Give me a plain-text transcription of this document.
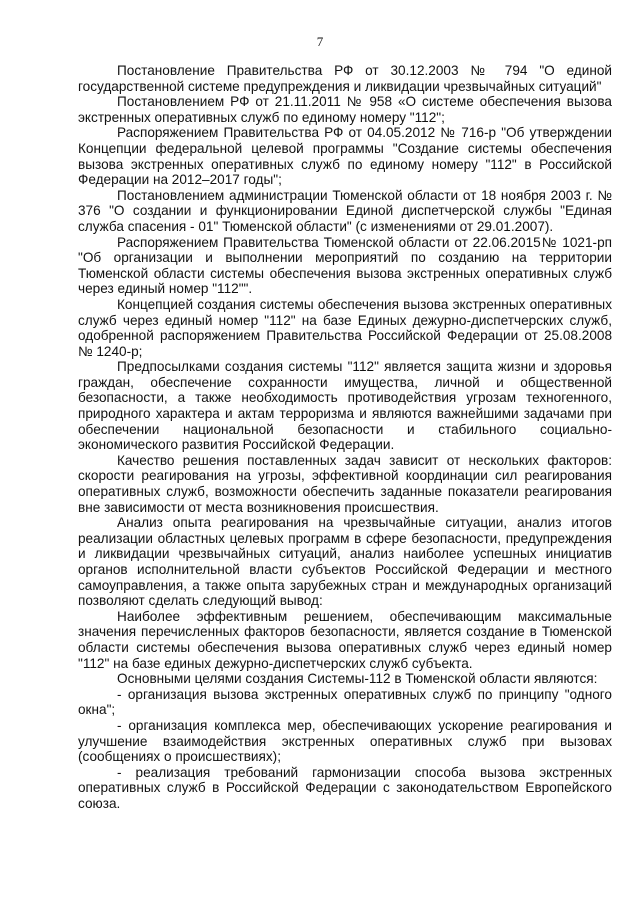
7

Постановление Правительства РФ от 30.12.2003 № 794 "О единой государственной системе предупреждения и ликвидации чрезвычайных ситуаций"

Постановлением РФ от 21.11.2011 № 958 «О системе обеспечения вызова экстренных оперативных служб по единому номеру "112";

Распоряжением Правительства РФ от 04.05.2012 № 716-р "Об утверждении Концепции федеральной целевой программы "Создание системы обеспечения вызова экстренных оперативных служб по единому номеру "112" в Российской Федерации на 2012–2017 годы";

Постановлением администрации Тюменской области от 18 ноября 2003 г. № 376 "О создании и функционировании Единой диспетчерской службы "Единая служба спасения - 01" Тюменской области" (с изменениями от 29.01.2007).

Распоряжением Правительства Тюменской области от 22.06.2015№ 1021-рп "Об организации и выполнении мероприятий по созданию на территории Тюменской области системы обеспечения вызова экстренных оперативных служб через единый номер "112"".

Концепцией создания системы обеспечения вызова экстренных оперативных служб через единый номер "112" на базе Единых дежурно-диспетчерских служб, одобренной распоряжением Правительства Российской Федерации от 25.08.2008 № 1240-р;

Предпосылками создания системы "112" является защита жизни и здоровья граждан, обеспечение сохранности имущества, личной и общественной безопасности, а также необходимость противодействия угрозам техногенного, природного характера и актам терроризма и являются важнейшими задачами при обеспечении национальной безопасности и стабильного социально-экономического развития Российской Федерации.

Качество решения поставленных задач зависит от нескольких факторов: скорости реагирования на угрозы, эффективной координации сил реагирования оперативных служб, возможности обеспечить заданные показатели реагирования вне зависимости от места возникновения происшествия.

Анализ опыта реагирования на чрезвычайные ситуации, анализ итогов реализации областных целевых программ в сфере безопасности, предупреждения и ликвидации чрезвычайных ситуаций, анализ наиболее успешных инициатив органов исполнительной власти субъектов Российской Федерации и местного самоуправления, а также опыта зарубежных стран и международных организаций позволяют сделать следующий вывод:

Наиболее эффективным решением, обеспечивающим максимальные значения перечисленных факторов безопасности, является создание в Тюменской области системы обеспечения вызова оперативных служб через единый номер "112" на базе единых дежурно-диспетчерских служб субъекта.

Основными целями создания Системы-112 в Тюменской области являются:

- организация вызова экстренных оперативных служб по принципу "одного окна";

- организация комплекса мер, обеспечивающих ускорение реагирования и улучшение взаимодействия экстренных оперативных служб при вызовах (сообщениях о происшествиях);

- реализация требований гармонизации способа вызова экстренных оперативных служб в Российской Федерации с законодательством Европейского союза.
